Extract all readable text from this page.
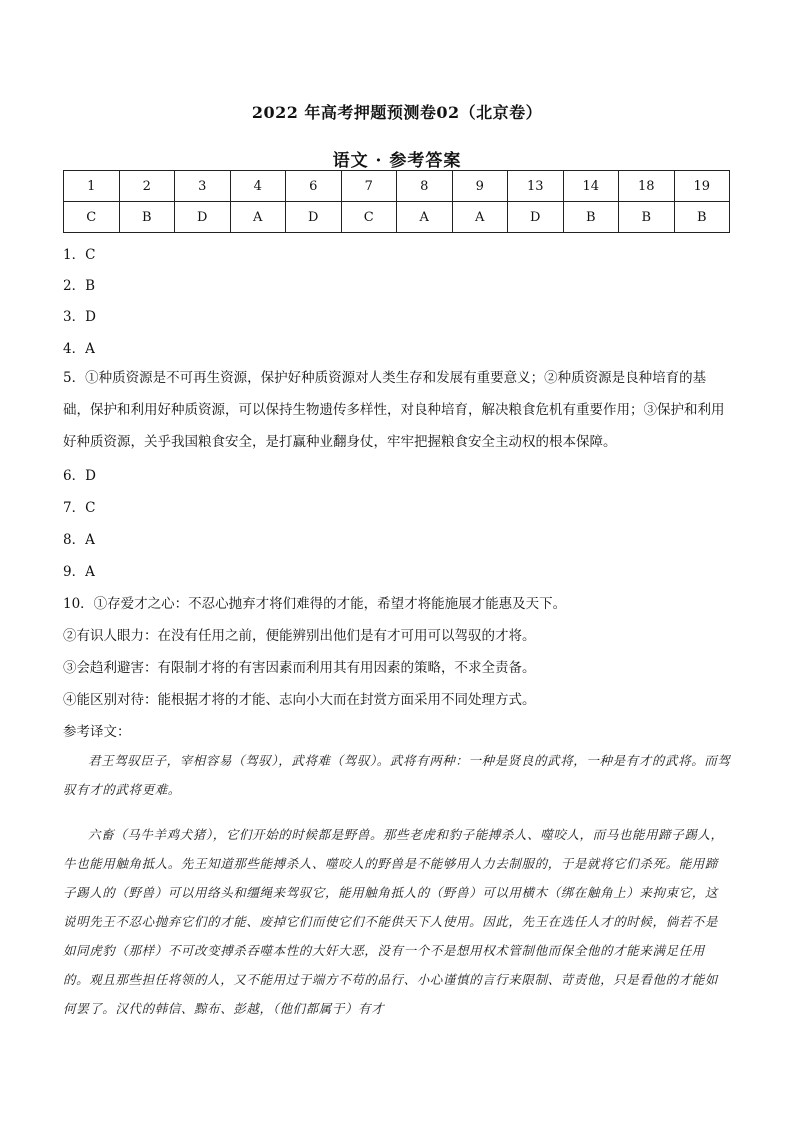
2022 年高考押题预测卷02（北京卷）
语文 · 参考答案
1	2	3	4	6	7	8	9	13	14	18	19
C	B	D	A	D	C	A	A	D	B	B	B
1．C
2．B
3．D
4．A
5．①种质资源是不可再生资源，保护好种质资源对人类生存和发展有重要意义；②种质资源是良种培育的基础，保护和利用好种质资源，可以保持生物遗传多样性，对良种培育，解决粮食危机有重要作用；③保护和利用好种质资源，关乎我国粮食安全，是打赢种业翻身仗，牢牢把握粮食安全主动权的根本保障。
6．D
7．C
8．A
9．A
10．①存爱才之心：不忍心抛弃才将们难得的才能，希望才将能施展才能惠及天下。
②有识人眼力：在没有任用之前，便能辨别出他们是有才可用可以驾驭的才将。
③会趋利避害：有限制才将的有害因素而利用其有用因素的策略，不求全责备。
④能区别对待：能根据才将的才能、志向小大而在封赏方面采用不同处理方式。
参考译文：
君王驾驭臣子，宰相容易（驾驭），武将难（驾驭）。武将有两种：一种是贤良的武将，一种是有才的武将。而驾驭有才的武将更难。
六畜（马牛羊鸡犬猪），它们开始的时候都是野兽。那些老虎和豹子能搏杀人、噬咬人，而马也能用蹄子踢人，牛也能用触角抵人。先王知道那些能搏杀人、噬咬人的野兽是不能够用人力去制服的，于是就将它们杀死。能用蹄子踢人的（野兽）可以用络头和缰绳来驾驭它，能用触角抵人的（野兽）可以用横木（绑在触角上）来拘束它，这说明先王不忍心抛弃它们的才能、废掉它们而使它们不能供天下人使用。因此，先王在选任人才的时候，倘若不是如同虎豹（那样）不可改变搏杀吞噬本性的大奸大恶，没有一个不是想用权术管制他而保全他的才能来满足任用的。观且那些担任将领的人，又不能用过于端方不苟的品行、小心谨慎的言行来限制、苛责他，只是看他的才能如何罢了。汉代的韩信、黥布、彭越，（他们都属于）有才
